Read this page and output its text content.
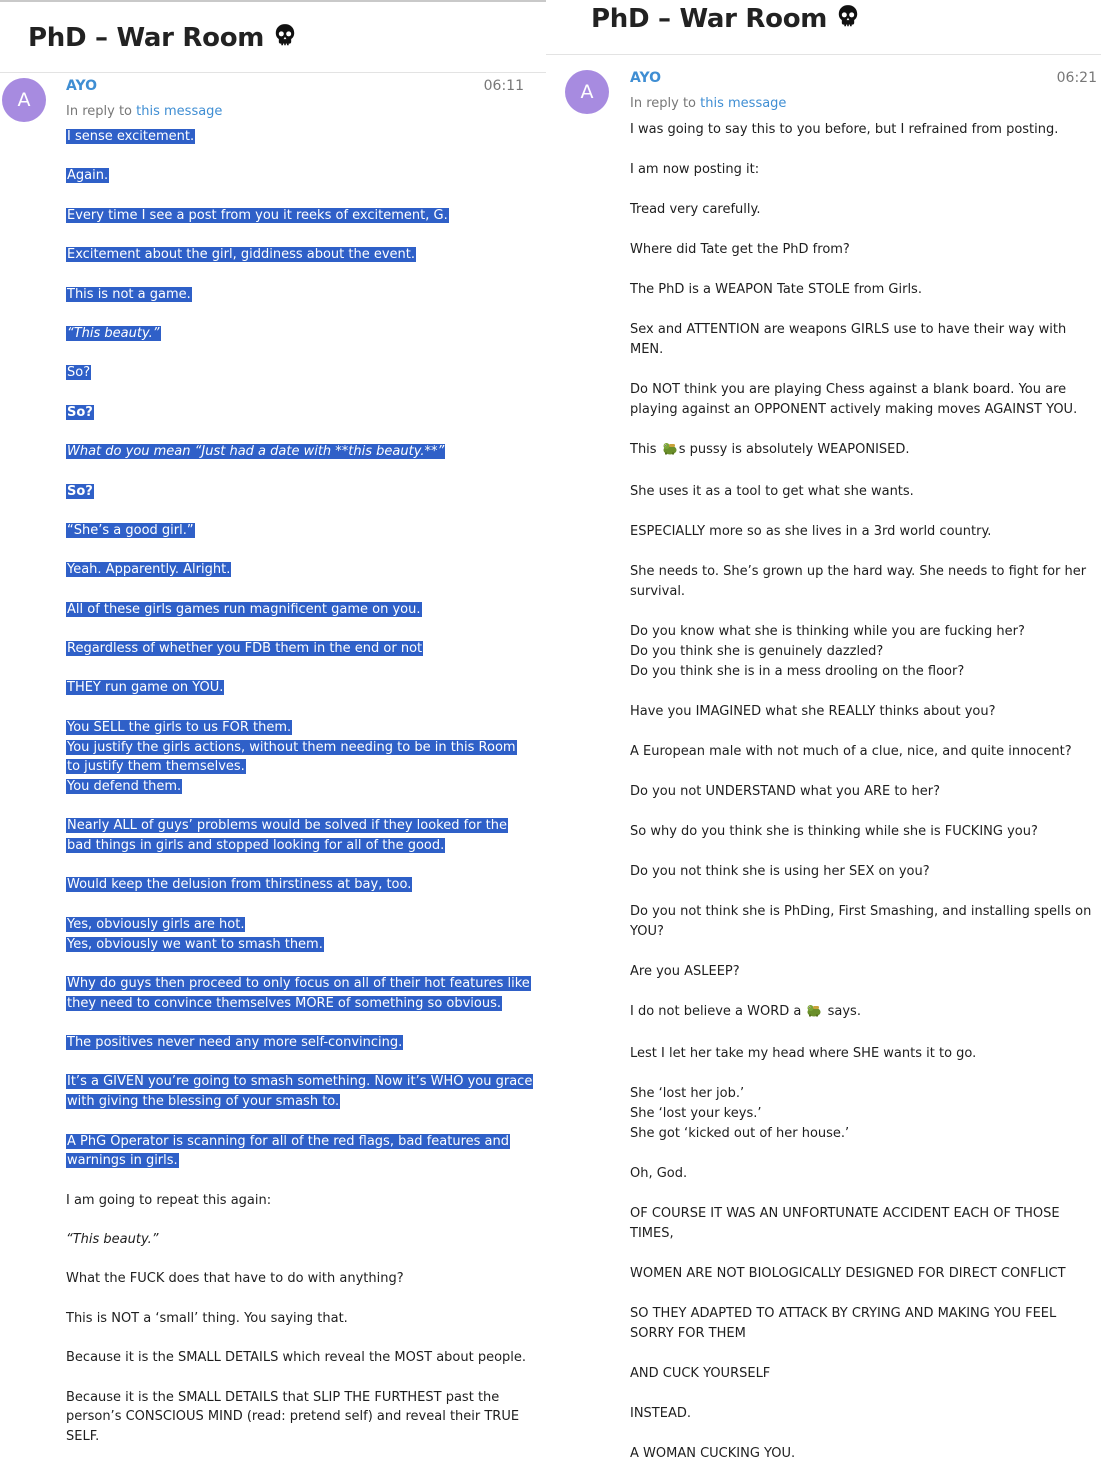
PhD – War Room
A
AYO	06:11
In reply to this message
I sense excitement.
Again.
Every time I see a post from you it reeks of excitement, G.
Excitement about the girl, giddiness about the event.
This is not a game.
“This beauty.”
So?
So?
What do you mean “Just had a date with **this beauty.**”
So?
“She’s a good girl.”
Yeah. Apparently. Alright.
All of these girls games run magnificent game on you.
Regardless of whether you FDB them in the end or not
THEY run game on YOU.
You SELL the girls to us FOR them.
You justify the girls actions, without them needing to be in this Room
to justify them themselves.
You defend them.
Nearly ALL of guys’ problems would be solved if they looked for the
bad things in girls and stopped looking for all of the good.
Would keep the delusion from thirstiness at bay, too.
Yes, obviously girls are hot.
Yes, obviously we want to smash them.
Why do guys then proceed to only focus on all of their hot features like
they need to convince themselves MORE of something so obvious.
The positives never need any more self-convincing.
It’s a GIVEN you’re going to smash something. Now it’s WHO you grace
with giving the blessing of your smash to.
A PhG Operator is scanning for all of the red flags, bad features and
warnings in girls.
I am going to repeat this again:
“This beauty.”
What the FUCK does that have to do with anything?
This is NOT a ‘small’ thing. You saying that.
Because it is the SMALL DETAILS which reveal the MOST about people.
Because it is the SMALL DETAILS that SLIP THE FURTHEST past the
person’s CONSCIOUS MIND (read: pretend self) and reveal their TRUE
SELF.
PhD – War Room
A
AYO	06:21
In reply to this message
I was going to say this to you before, but I refrained from posting.
I am now posting it:
Tread very carefully.
Where did Tate get the PhD from?
The PhD is a WEAPON Tate STOLE from Girls.
Sex and ATTENTION are weapons GIRLS use to have their way with MEN.
Do NOT think you are playing Chess against a blank board. You are
playing against an OPPONENT actively making moves AGAINST YOU.
This s pussy is absolutely WEAPONISED.
She uses it as a tool to get what she wants.
ESPECIALLY more so as she lives in a 3rd world country.
She needs to. She’s grown up the hard way. She needs to fight for her
survival.
Do you know what she is thinking while you are fucking her?
Do you think she is genuinely dazzled?
Do you think she is in a mess drooling on the floor?
Have you IMAGINED what she REALLY thinks about you?
A European male with not much of a clue, nice, and quite innocent?
Do you not UNDERSTAND what you ARE to her?
So why do you think she is thinking while she is FUCKING you?
Do you not think she is using her SEX on you?
Do you not think she is PhDing, First Smashing, and installing spells on
YOU?
Are you ASLEEP?
I do not believe a WORD a  says.
Lest I let her take my head where SHE wants it to go.
She ‘lost her job.’
She ‘lost your keys.’
She got ‘kicked out of her house.’
Oh, God.
OF COURSE IT WAS AN UNFORTUNATE ACCIDENT EACH OF THOSE
TIMES,
WOMEN ARE NOT BIOLOGICALLY DESIGNED FOR DIRECT CONFLICT
SO THEY ADAPTED TO ATTACK BY CRYING AND MAKING YOU FEEL
SORRY FOR THEM
AND CUCK YOURSELF
INSTEAD.
A WOMAN CUCKING YOU.
